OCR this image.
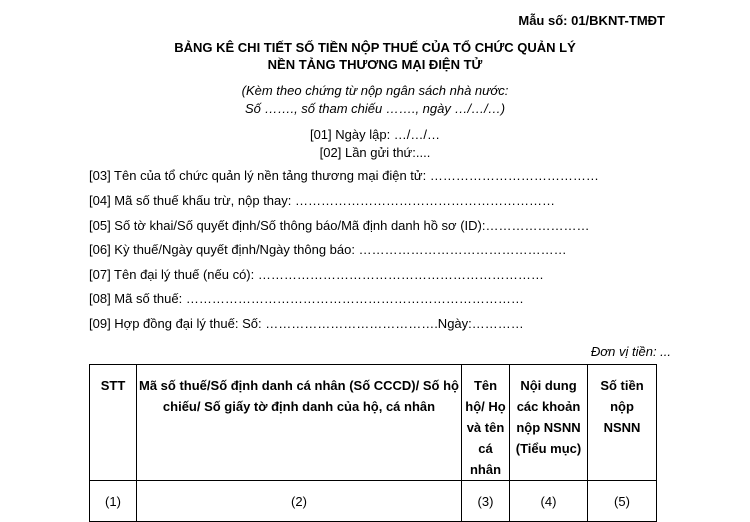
Mẫu số: 01/BKNT-TMĐT
BẢNG KÊ CHI TIẾT SỐ TIỀN NỘP THUẾ CỦA TỔ CHỨC QUẢN LÝ
NỀN TẢNG THƯƠNG MẠI ĐIỆN TỬ
(Kèm theo chứng từ nộp ngân sách nhà nước:
Số ……., số tham chiếu ……., ngày …/…/…)
[01] Ngày lập: …/…/…
[02] Lần gửi thứ:....
[03] Tên của tổ chức quản lý nền tảng thương mại điện tử: …………………………………
[04] Mã số thuế khấu trừ, nộp thay: ……………………………………………………
[05] Số tờ khai/Số quyết định/Số thông báo/Mã định danh hồ sơ (ID):……………………
[06] Kỳ thuế/Ngày quyết định/Ngày thông báo: …………………………………………
[07] Tên đại lý thuế (nếu có): …………………………………………………………
[08] Mã số thuế: ……………………………………………………………………
[09] Hợp đồng đại lý thuế: Số: ………………………………….Ngày:…………
Đơn vị tiền: ...
STT	Mã số thuế/Số định danh cá nhân (Số CCCD)/ Số hộ chiếu/ Số giấy tờ định danh của hộ, cá nhân	Tên hộ/ Họ và tên cá nhân	Nội dung các khoản nộp NSNN (Tiểu mục)	Số tiền nộp NSNN
(1)	(2)	(3)	(4)	(5)
